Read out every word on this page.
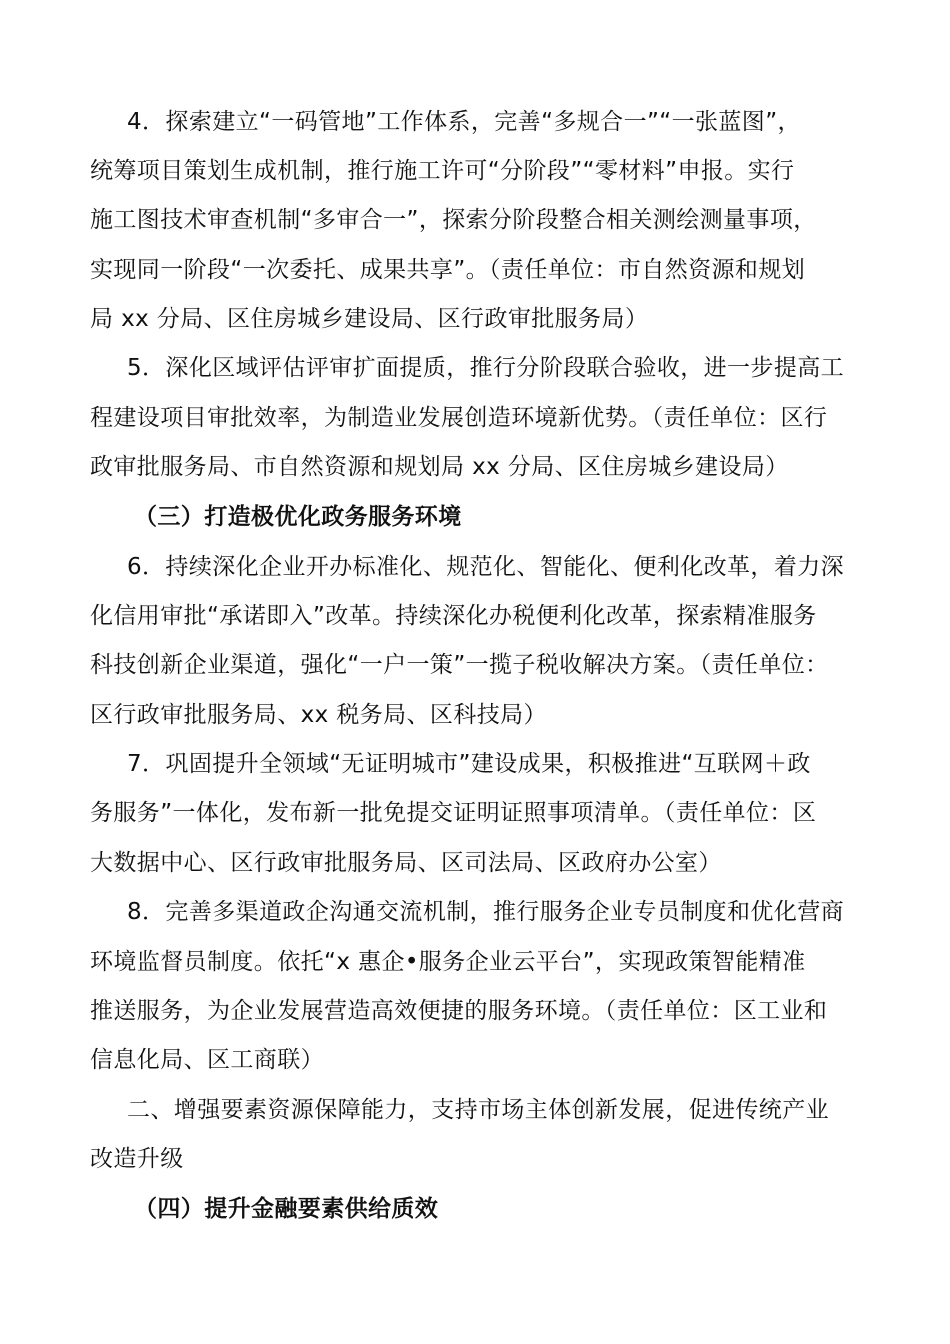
4．探索建立“一码管地”工作体系，完善“多规合一”“一张蓝图”，
统筹项目策划生成机制，推行施工许可“分阶段”“零材料”申报。实行
施工图技术审查机制“多审合一”，探索分阶段整合相关测绘测量事项，
实现同一阶段“一次委托、成果共享”。（责任单位：市自然资源和规划
局 xx 分局、区住房城乡建设局、区行政审批服务局）
5．深化区域评估评审扩面提质，推行分阶段联合验收，进一步提高工
程建设项目审批效率，为制造业发展创造环境新优势。（责任单位：区行
政审批服务局、市自然资源和规划局 xx 分局、区住房城乡建设局）
（三）打造极优化政务服务环境
6．持续深化企业开办标准化、规范化、智能化、便利化改革，着力深
化信用审批“承诺即入”改革。持续深化办税便利化改革，探索精准服务
科技创新企业渠道，强化“一户一策”一揽子税收解决方案。（责任单位：
区行政审批服务局、xx 税务局、区科技局）
7．巩固提升全领域“无证明城市”建设成果，积极推进“互联网＋政
务服务”一体化，发布新一批免提交证明证照事项清单。（责任单位：区
大数据中心、区行政审批服务局、区司法局、区政府办公室）
8．完善多渠道政企沟通交流机制，推行服务企业专员制度和优化营商
环境监督员制度。依托“x 惠企•服务企业云平台”，实现政策智能精准
推送服务，为企业发展营造高效便捷的服务环境。（责任单位：区工业和
信息化局、区工商联）
二、增强要素资源保障能力，支持市场主体创新发展，促进传统产业
改造升级
（四）提升金融要素供给质效
